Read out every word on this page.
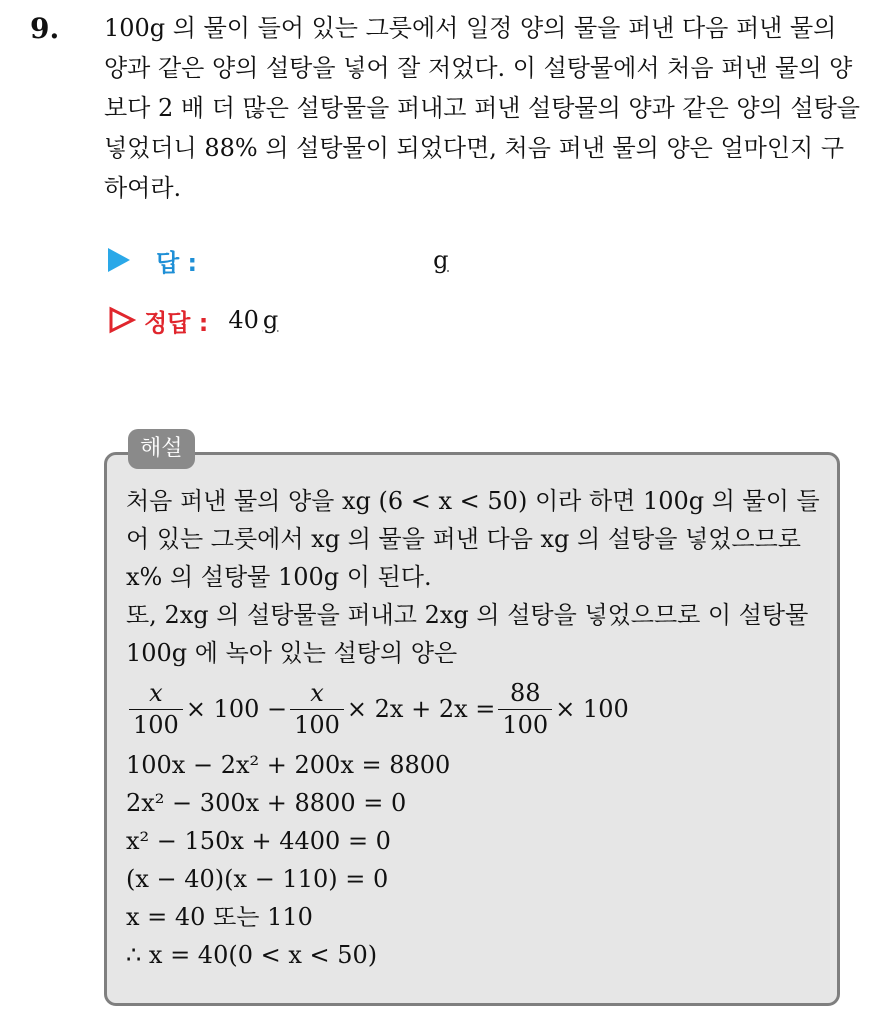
9. 100g 의 물이 들어 있는 그릇에서 일정 양의 물을 퍼낸 다음 퍼낸 물의 양과 같은 양의 설탕을 넣어 잘 저었다. 이 설탕물에서 처음 퍼낸 물의 양보다 2 배 더 많은 설탕물을 퍼내고 퍼낸 설탕물의 양과 같은 양의 설탕을 넣었더니 88% 의 설탕물이 되었다면, 처음 퍼낸 물의 양은 얼마인지 구하여라.
답 :	g
정답 : 40 g
해설
처음 퍼낸 물의 양을 xg (6 < x < 50) 이라 하면 100g 의 물이 들어 있는 그릇에서 xg 의 물을 퍼낸 다음 xg 의 설탕을 넣었으므로 x% 의 설탕물 100g 이 된다.
또, 2xg 의 설탕물을 퍼내고 2xg 의 설탕을 넣었으므로 이 설탕물 100g 에 녹아 있는 설탕의 양은
$\frac{x}{100} \times 100 - \frac{x}{100} \times 2x + 2x = \frac{88}{100} \times 100$
100x − 2x² + 200x = 8800
2x² − 300x + 8800 = 0
x² − 150x + 4400 = 0
(x − 40)(x − 110) = 0
x = 40 또는 110
∴ x = 40(0 < x < 50)
